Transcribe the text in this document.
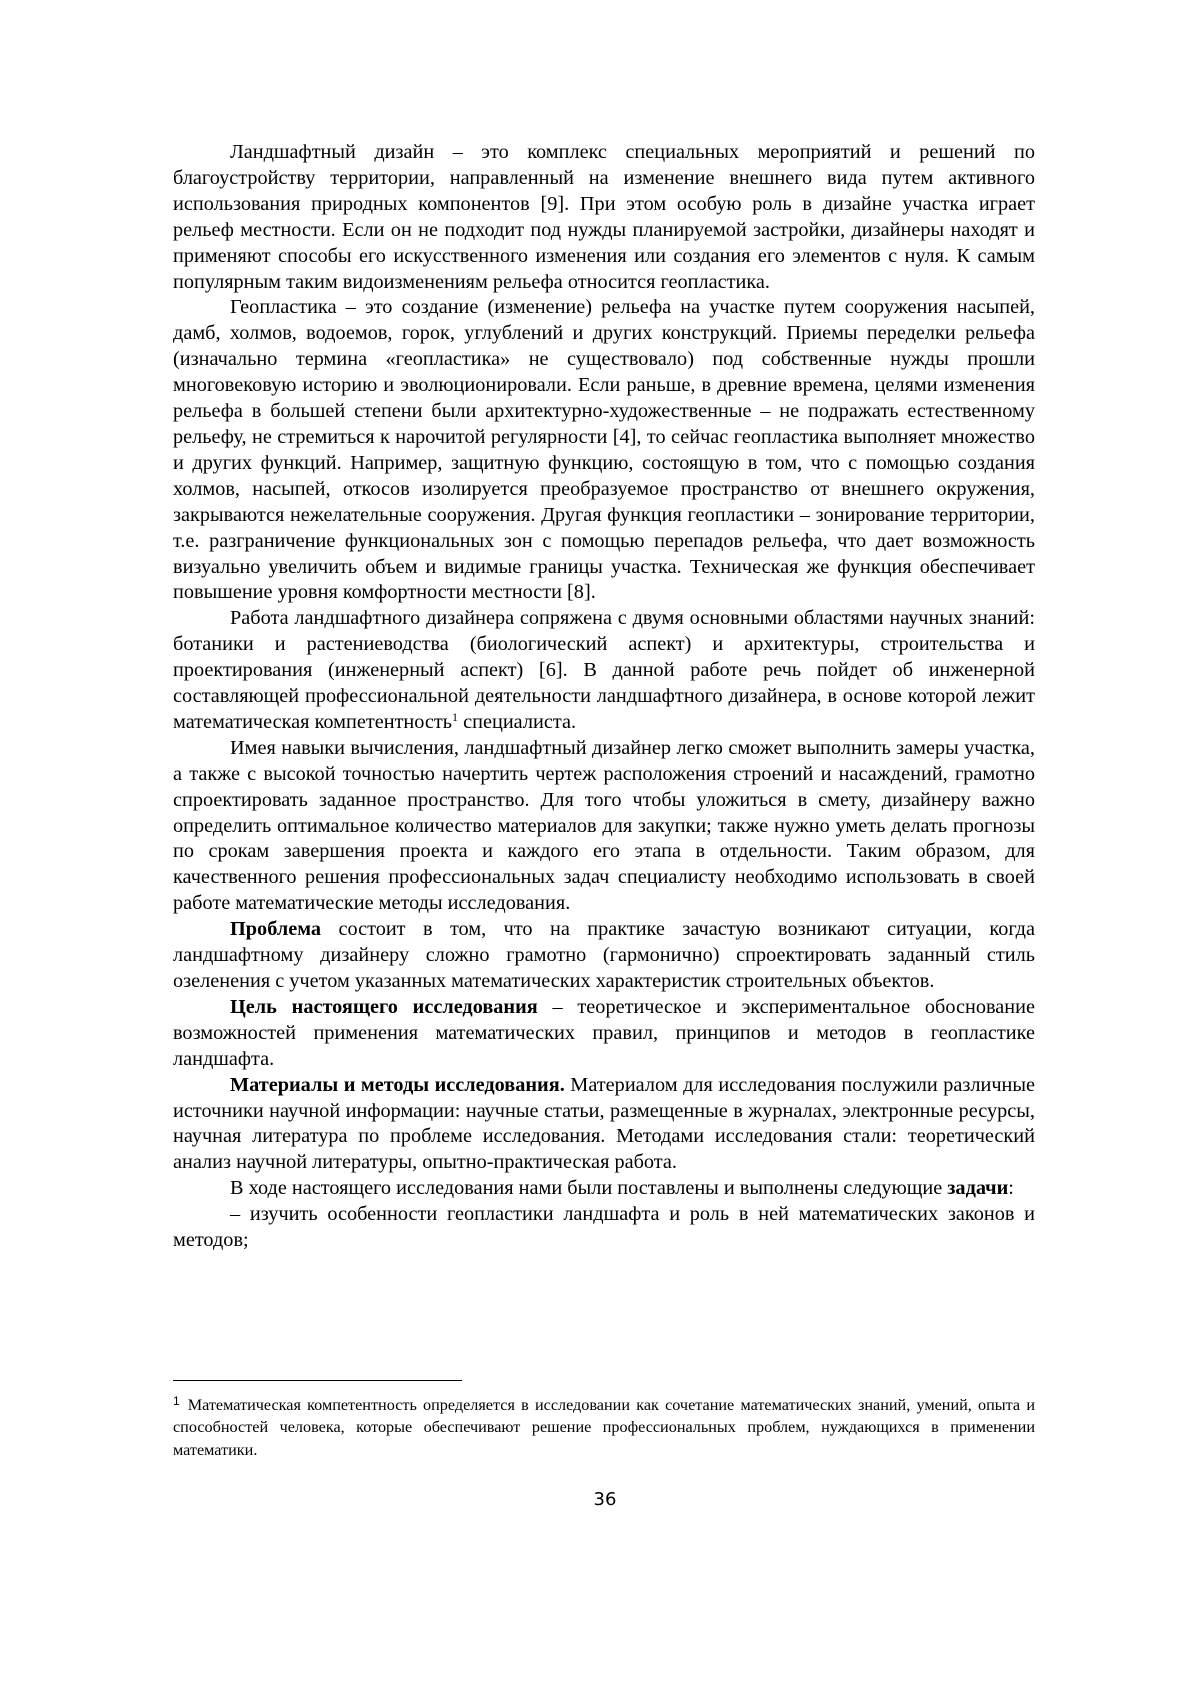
Ландшафтный дизайн – это комплекс специальных мероприятий и решений по благоустройству территории, направленный на изменение внешнего вида путем активного использования природных компонентов [9]. При этом особую роль в дизайне участка играет рельеф местности. Если он не подходит под нужды планируемой застройки, дизайнеры находят и применяют способы его искусственного изменения или создания его элементов с нуля. К самым популярным таким видоизменениям рельефа относится геопластика.

Геопластика – это создание (изменение) рельефа на участке путем сооружения насыпей, дамб, холмов, водоемов, горок, углублений и других конструкций. Приемы переделки рельефа (изначально термина «геопластика» не существовало) под собственные нужды прошли многовековую историю и эволюционировали. Если раньше, в древние времена, целями изменения рельефа в большей степени были архитектурно-художественные – не подражать естественному рельефу, не стремиться к нарочитой регулярности [4], то сейчас геопластика выполняет множество и других функций. Например, защитную функцию, состоящую в том, что с помощью создания холмов, насыпей, откосов изолируется преобразуемое пространство от внешнего окружения, закрываются нежелательные сооружения. Другая функция геопластики – зонирование территории, т.е. разграничение функциональных зон с помощью перепадов рельефа, что дает возможность визуально увеличить объем и видимые границы участка. Техническая же функция обеспечивает повышение уровня комфортности местности [8].

Работа ландшафтного дизайнера сопряжена с двумя основными областями научных знаний: ботаники и растениеводства (биологический аспект) и архитектуры, строительства и проектирования (инженерный аспект) [6]. В данной работе речь пойдет об инженерной составляющей профессиональной деятельности ландшафтного дизайнера, в основе которой лежит математическая компетентность$^1$ специалиста.

Имея навыки вычисления, ландшафтный дизайнер легко сможет выполнить замеры участка, а также с высокой точностью начертить чертеж расположения строений и насаждений, грамотно спроектировать заданное пространство. Для того чтобы уложиться в смету, дизайнеру важно определить оптимальное количество материалов для закупки; также нужно уметь делать прогнозы по срокам завершения проекта и каждого его этапа в отдельности. Таким образом, для качественного решения профессиональных задач специалисту необходимо использовать в своей работе математические методы исследования.

Проблема состоит в том, что на практике зачастую возникают ситуации, когда ландшафтному дизайнеру сложно грамотно (гармонично) спроектировать заданный стиль озеленения с учетом указанных математических характеристик строительных объектов.

Цель настоящего исследования – теоретическое и экспериментальное обоснование возможностей применения математических правил, принципов и методов в геопластике ландшафта.

Материалы и методы исследования. Материалом для исследования послужили различные источники научной информации: научные статьи, размещенные в журналах, электронные ресурсы, научная литература по проблеме исследования. Методами исследования стали: теоретический анализ научной литературы, опытно-практическая работа.

В ходе настоящего исследования нами были поставлены и выполнены следующие задачи:

– изучить особенности геопластики ландшафта и роль в ней математических законов и методов;

$^1$ Математическая компетентность определяется в исследовании как сочетание математических знаний, умений, опыта и способностей человека, которые обеспечивают решение профессиональных проблем, нуждающихся в применении математики.

36
